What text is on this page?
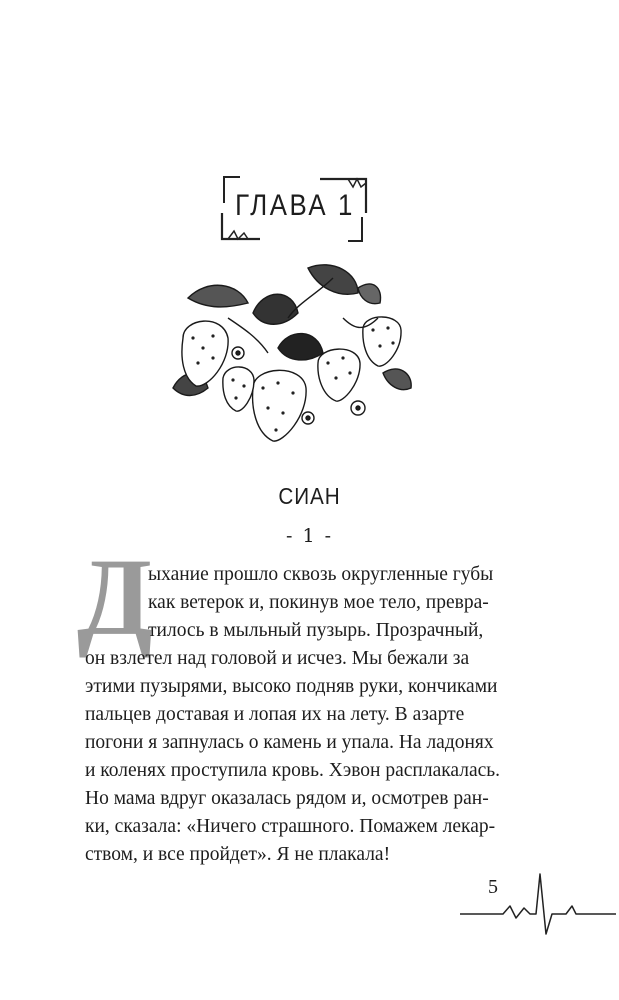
ГЛАВА 1
СИАН
- 1 -
Д
ыхание прошло сквозь округленные губы
как ветерок и, покинув мое тело, превра-
тилось в мыльный пузырь. Прозрачный,
он взлетел над головой и исчез. Мы бежали за
этими пузырями, высоко подняв руки, кончиками
пальцев доставая и лопая их на лету. В азарте
погони я запнулась о камень и упала. На ладонях
и коленях проступила кровь. Хэвон расплакалась.
Но мама вдруг оказалась рядом и, осмотрев ран-
ки, сказала: «Ничего страшного. Помажем лекар-
ством, и все пройдет». Я не плакала!
5
